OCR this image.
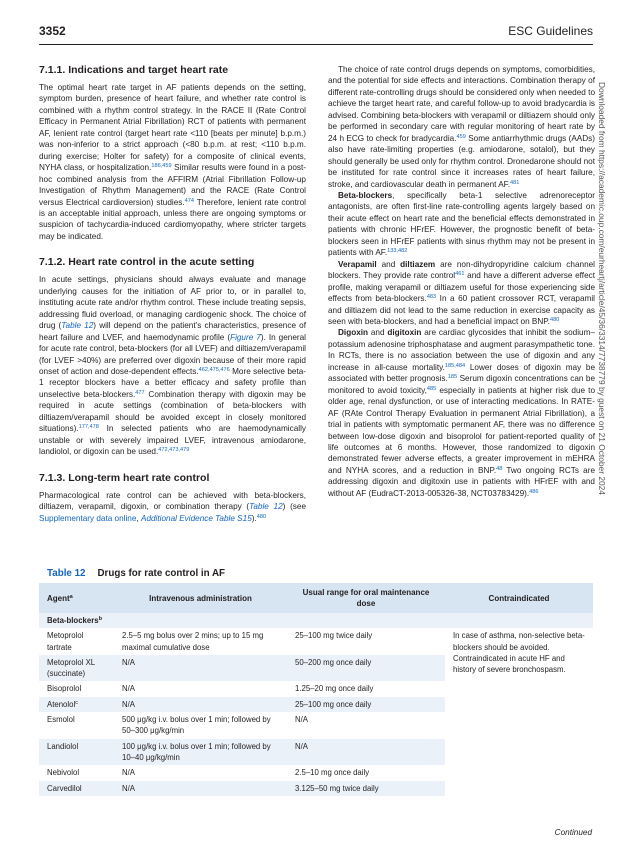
3352	ESC Guidelines
Downloaded from https://academic.oup.com/eurheartj/article/45/36/3314/7738779 by guest on 21 October 2024
7.1.1. Indications and target heart rate

The optimal heart rate target in AF patients depends on the setting, symptom burden, presence of heart failure, and whether rate control is combined with a rhythm control strategy. In the RACE II (Rate Control Efficacy in Permanent Atrial Fibrillation) RCT of patients with permanent AF, lenient rate control (target heart rate <110 [beats per minute] b.p.m.) was non-inferior to a strict approach (<80 b.p.m. at rest; <110 b.p.m. during exercise; Holter for safety) for a composite of clinical events, NYHA class, or hospitalization.$^{186,459}$ Similar results were found in a post-hoc combined analysis from the AFFIRM (Atrial Fibrillation Follow-up Investigation of Rhythm Management) and the RACE (Rate Control versus Electrical cardioversion) studies.$^{474}$ Therefore, lenient rate control is an acceptable initial approach, unless there are ongoing symptoms or suspicion of tachycardia-induced cardiomyopathy, where stricter targets may be indicated.

7.1.2. Heart rate control in the acute setting

In acute settings, physicians should always evaluate and manage underlying causes for the initiation of AF prior to, or in parallel to, instituting acute rate and/or rhythm control. These include treating sepsis, addressing fluid overload, or managing cardiogenic shock. The choice of drug (Table 12) will depend on the patient’s characteristics, presence of heart failure and LVEF, and haemodynamic profile (Figure 7). In general for acute rate control, beta-blockers (for all LVEF) and diltiazem/verapamil (for LVEF >40%) are preferred over digoxin because of their more rapid onset of action and dose-dependent effects.$^{462,475,476}$ More selective beta-1 receptor blockers have a better efficacy and safety profile than unselective beta-blockers.$^{477}$ Combination therapy with digoxin may be required in acute settings (combination of beta-blockers with diltiazem/verapamil should be avoided except in closely monitored situations).$^{177,478}$ In selected patients who are haemodynamically unstable or with severely impaired LVEF, intravenous amiodarone, landiolol, or digoxin can be used.$^{472,473,479}$

7.1.3. Long-term heart rate control

Pharmacological rate control can be achieved with beta-blockers, diltiazem, verapamil, digoxin, or combination therapy (Table 12) (see Supplementary data online, Additional Evidence Table S15).$^{480}$

The choice of rate control drugs depends on symptoms, comorbidities, and the potential for side effects and interactions. Combination therapy of different rate-controlling drugs should be considered only when needed to achieve the target heart rate, and careful follow-up to avoid bradycardia is advised. Combining beta-blockers with verapamil or diltiazem should only be performed in secondary care with regular monitoring of heart rate by 24 h ECG to check for bradycardia.$^{459}$ Some antiarrhythmic drugs (AADs) also have rate-limiting properties (e.g. amiodarone, sotalol), but they should generally be used only for rhythm control. Dronedarone should not be instituted for rate control since it increases rates of heart failure, stroke, and cardiovascular death in permanent AF.$^{481}$

Beta-blockers, specifically beta-1 selective adrenoreceptor antagonists, are often first-line rate-controlling agents largely based on their acute effect on heart rate and the beneficial effects demonstrated in patients with chronic HFrEF. However, the prognostic benefit of beta-blockers seen in HFrEF patients with sinus rhythm may not be present in patients with AF.$^{133,482}$

Verapamil and diltiazem are non-dihydropyridine calcium channel blockers. They provide rate control$^{461}$ and have a different adverse effect profile, making verapamil or diltiazem useful for those experiencing side effects from beta-blockers.$^{483}$ In a 60 patient crossover RCT, verapamil and diltiazem did not lead to the same reduction in exercise capacity as seen with beta-blockers, and had a beneficial impact on BNP.$^{480}$

Digoxin and digitoxin are cardiac glycosides that inhibit the sodium–potassium adenosine triphosphatase and augment parasympathetic tone. In RCTs, there is no association between the use of digoxin and any increase in all-cause mortality.$^{185,484}$ Lower doses of digoxin may be associated with better prognosis.$^{185}$ Serum digoxin concentrations can be monitored to avoid toxicity,$^{485}$ especially in patients at higher risk due to older age, renal dysfunction, or use of interacting medications. In RATE-AF (RAte Control Therapy Evaluation in permanent Atrial Fibrillation), a trial in patients with symptomatic permanent AF, there was no difference between low-dose digoxin and bisoprolol for patient-reported quality of life outcomes at 6 months. However, those randomized to digoxin demonstrated fewer adverse effects, a greater improvement in mEHRA and NYHA scores, and a reduction in BNP.$^{48}$ Two ongoing RCTs are addressing digoxin and digitoxin use in patients with HFrEF with and without AF (EudraCT-2013-005326-38, NCT03783429).$^{486}$

Table 12 Drugs for rate control in AF
Agent$^a$	Intravenous administration	Usual range for oral maintenance dose	Contraindicated
Beta-blockers$^b$
Metoprolol tartrate	2.5–5 mg bolus over 2 mins; up to 15 mg maximal cumulative dose	25–100 mg twice daily	In case of asthma, non-selective beta-blockers should be avoided.
Contraindicated in acute HF and history of severe bronchospasm.

Metoprolol XL (succinate)	N/A	50–200 mg once daily	
Bisoprolol	N/A	1.25–20 mg once daily	
Atenolol$^c$	N/A	25–100 mg once daily	
Esmolol	500 μg/kg i.v. bolus over 1 min; followed by 50–300 μg/kg/min	N/A	
Landiolol	100 μg/kg i.v. bolus over 1 min; followed by 10–40 μg/kg/min	N/A	
Nebivolol	N/A	2.5–10 mg once daily	
Carvedilol	N/A	3.125–50 mg twice daily	
Continued
